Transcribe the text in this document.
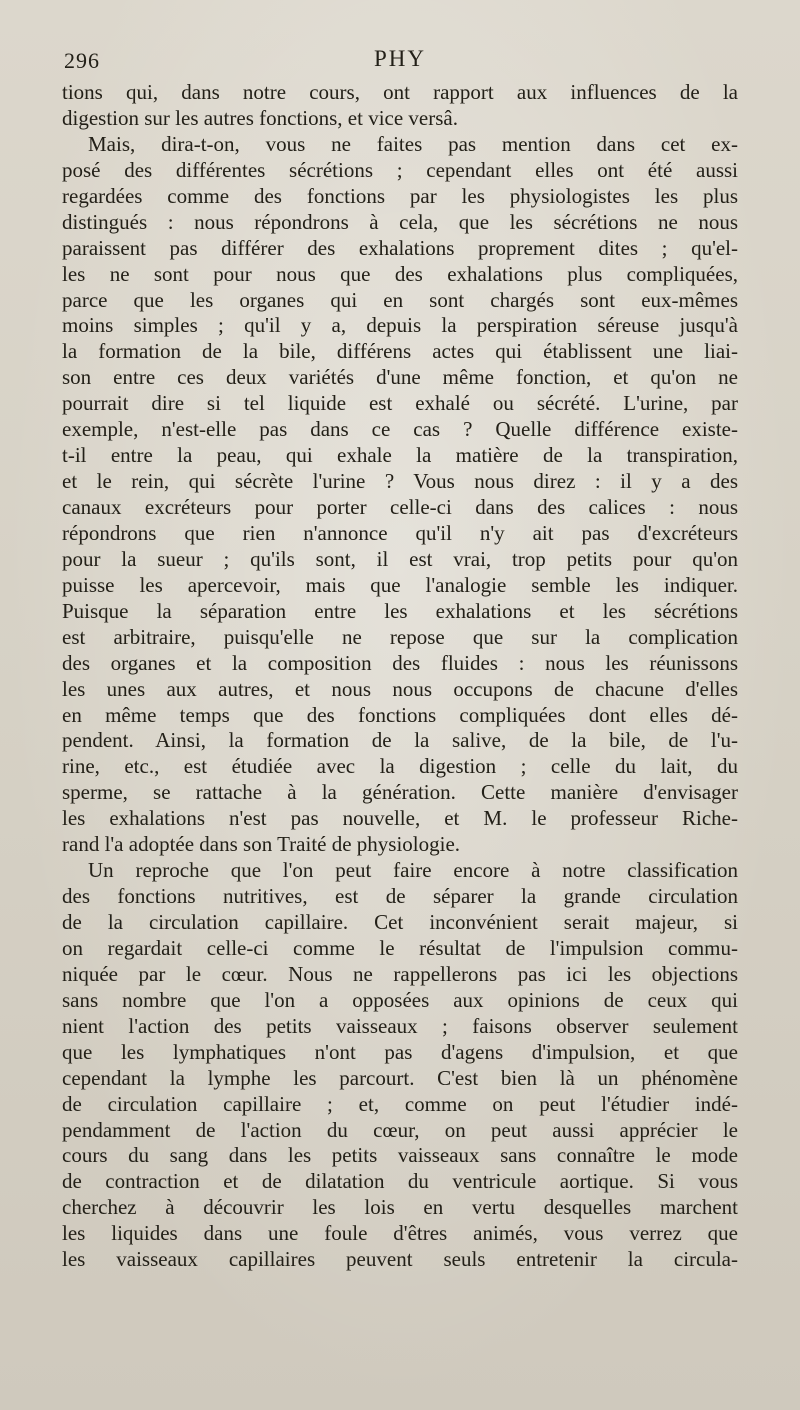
296	PHY
tions qui, dans notre cours, ont rapport aux influences de la
digestion sur les autres fonctions, et vice versâ.
Mais, dira-t-on, vous ne faites pas mention dans cet ex-
posé des différentes sécrétions ; cependant elles ont été aussi
regardées comme des fonctions par les physiologistes les plus
distingués : nous répondrons à cela, que les sécrétions ne nous
paraissent pas différer des exhalations proprement dites ; qu'el-
les ne sont pour nous que des exhalations plus compliquées,
parce que les organes qui en sont chargés sont eux-mêmes
moins simples ; qu'il y a, depuis la perspiration séreuse jusqu'à
la formation de la bile, différens actes qui établissent une liai-
son entre ces deux variétés d'une même fonction, et qu'on ne
pourrait dire si tel liquide est exhalé ou sécrété. L'urine, par
exemple, n'est-elle pas dans ce cas ? Quelle différence existe-
t-il entre la peau, qui exhale la matière de la transpiration,
et le rein, qui sécrète l'urine ? Vous nous direz : il y a des
canaux excréteurs pour porter celle-ci dans des calices : nous
répondrons que rien n'annonce qu'il n'y ait pas d'excréteurs
pour la sueur ; qu'ils sont, il est vrai, trop petits pour qu'on
puisse les apercevoir, mais que l'analogie semble les indiquer.
Puisque la séparation entre les exhalations et les sécrétions
est arbitraire, puisqu'elle ne repose que sur la complication
des organes et la composition des fluides : nous les réunissons
les unes aux autres, et nous nous occupons de chacune d'elles
en même temps que des fonctions compliquées dont elles dé-
pendent. Ainsi, la formation de la salive, de la bile, de l'u-
rine, etc., est étudiée avec la digestion ; celle du lait, du
sperme, se rattache à la génération. Cette manière d'envisager
les exhalations n'est pas nouvelle, et M. le professeur Riche-
rand l'a adoptée dans son Traité de physiologie.
Un reproche que l'on peut faire encore à notre classification
des fonctions nutritives, est de séparer la grande circulation
de la circulation capillaire. Cet inconvénient serait majeur, si
on regardait celle-ci comme le résultat de l'impulsion commu-
niquée par le cœur. Nous ne rappellerons pas ici les objections
sans nombre que l'on a opposées aux opinions de ceux qui
nient l'action des petits vaisseaux ; faisons observer seulement
que les lymphatiques n'ont pas d'agens d'impulsion, et que
cependant la lymphe les parcourt. C'est bien là un phénomène
de circulation capillaire ; et, comme on peut l'étudier indé-
pendamment de l'action du cœur, on peut aussi apprécier le
cours du sang dans les petits vaisseaux sans connaître le mode
de contraction et de dilatation du ventricule aortique. Si vous
cherchez à découvrir les lois en vertu desquelles marchent
les liquides dans une foule d'êtres animés, vous verrez que
les vaisseaux capillaires peuvent seuls entretenir la circula-
